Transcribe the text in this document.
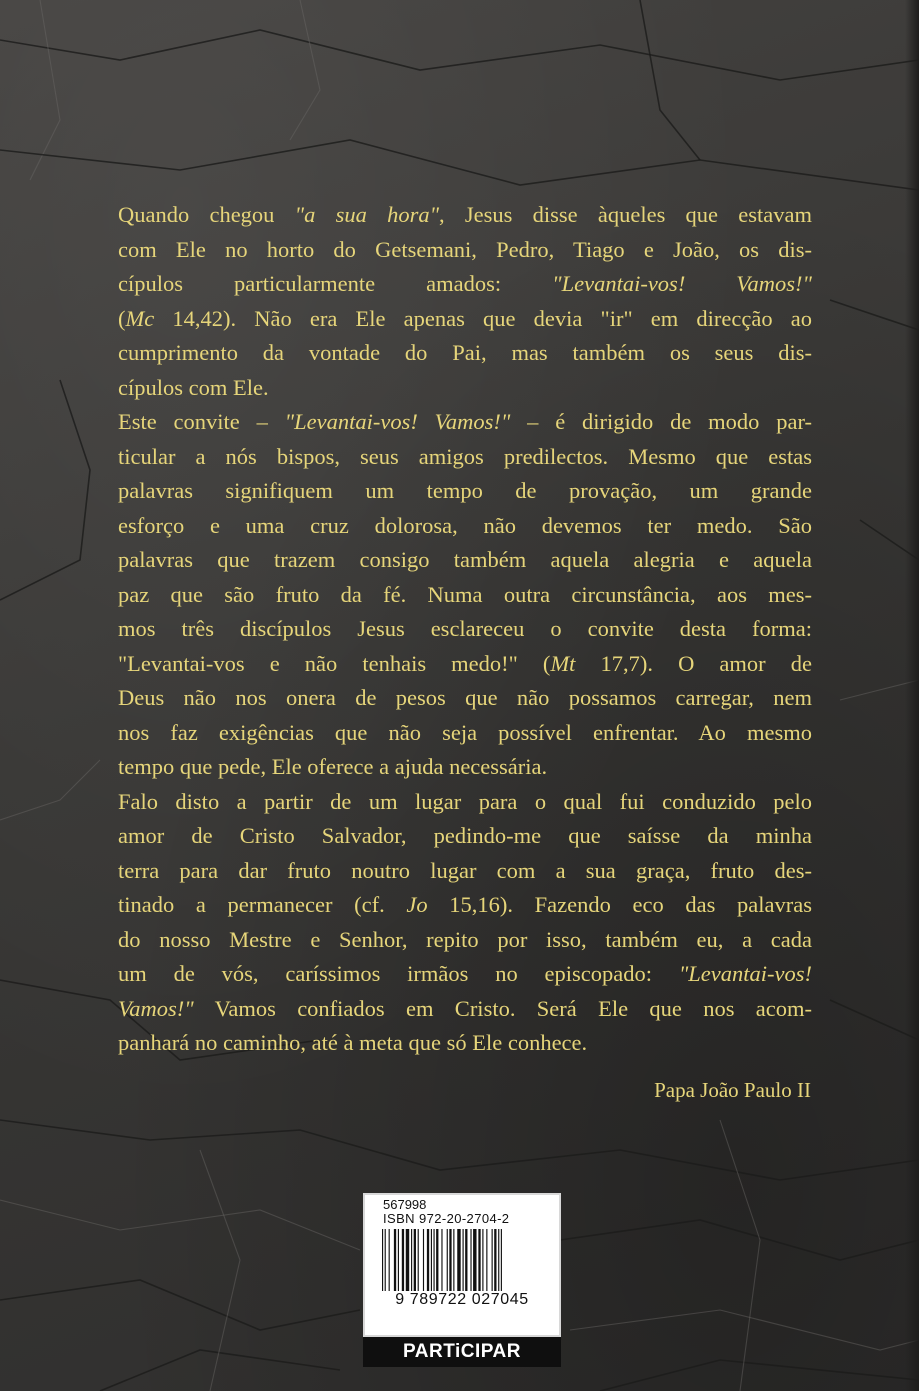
Quando chegou "a sua hora", Jesus disse àqueles que estavam
com Ele no horto do Getsemani, Pedro, Tiago e João, os dis-
cípulos particularmente amados: "Levantai-vos! Vamos!"
(Mc 14,42). Não era Ele apenas que devia "ir" em direcção ao
cumprimento da vontade do Pai, mas também os seus dis-
cípulos com Ele.
Este convite – "Levantai-vos! Vamos!" – é dirigido de modo par-
ticular a nós bispos, seus amigos predilectos. Mesmo que estas
palavras signifiquem um tempo de provação, um grande
esforço e uma cruz dolorosa, não devemos ter medo. São
palavras que trazem consigo também aquela alegria e aquela
paz que são fruto da fé. Numa outra circunstância, aos mes-
mos três discípulos Jesus esclareceu o convite desta forma:
"Levantai-vos e não tenhais medo!" (Mt 17,7). O amor de
Deus não nos onera de pesos que não possamos carregar, nem
nos faz exigências que não seja possível enfrentar. Ao mesmo
tempo que pede, Ele oferece a ajuda necessária.
Falo disto a partir de um lugar para o qual fui conduzido pelo
amor de Cristo Salvador, pedindo-me que saísse da minha
terra para dar fruto noutro lugar com a sua graça, fruto des-
tinado a permanecer (cf. Jo 15,16). Fazendo eco das palavras
do nosso Mestre e Senhor, repito por isso, também eu, a cada
um de vós, caríssimos irmãos no episcopado: "Levantai-vos!
Vamos!" Vamos confiados em Cristo. Será Ele que nos acom-
panhará no caminho, até à meta que só Ele conhece.
Papa João Paulo II
567998
ISBN 972-20-2704-2
9 789722 027045
PARTiCIPAR
